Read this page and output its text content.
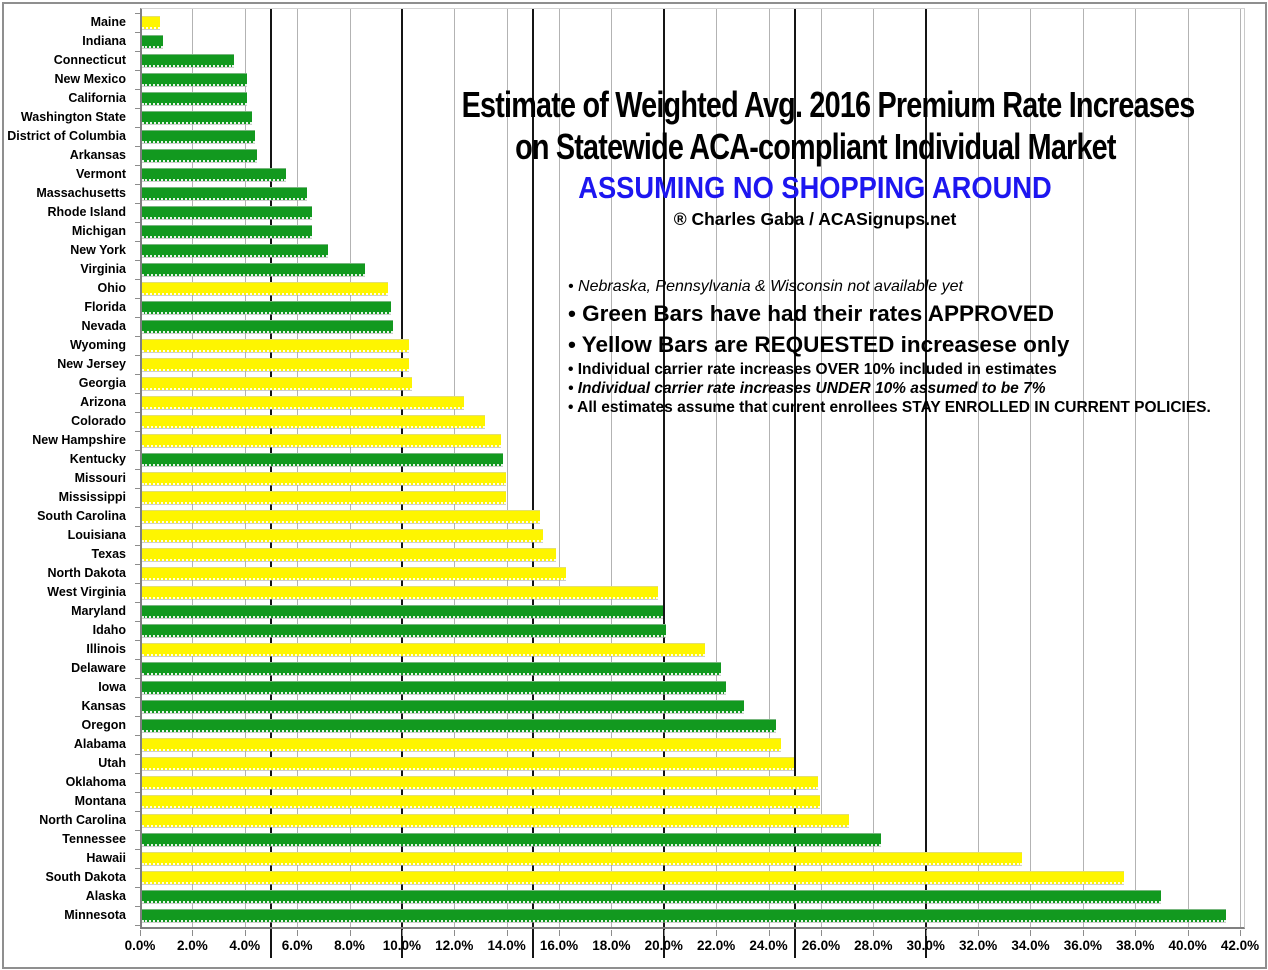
Maine
Indiana
Connecticut
New Mexico
California
Washington State
District of Columbia
Arkansas
Vermont
Massachusetts
Rhode Island
Michigan
New York
Virginia
Ohio
Florida
Nevada
Wyoming
New Jersey
Georgia
Arizona
Colorado
New Hampshire
Kentucky
Missouri
Mississippi
South Carolina
Louisiana
Texas
North Dakota
West Virginia
Maryland
Idaho
Illinois
Delaware
Iowa
Kansas
Oregon
Alabama
Utah
Oklahoma
Montana
North Carolina
Tennessee
Hawaii
South Dakota
Alaska
Minnesota
0.0%	2.0%	4.0%	6.0%	8.0%	10.0%	12.0%	14.0%	16.0%	18.0%	20.0%	22.0%	24.0%	26.0%	28.0%	30.0%	32.0%	34.0%	36.0%	38.0%	40.0%	42.0%
Estimate of Weighted Avg. 2016 Premium Rate Increases
on Statewide ACA-compliant Individual Market
ASSUMING NO SHOPPING AROUND
® Charles Gaba / ACASignups.net
• Nebraska, Pennsylvania & Wisconsin not available yet
• Green Bars have had their rates APPROVED
• Yellow Bars are REQUESTED increasese only
• Individual carrier rate increases OVER 10% included in estimates
• Individual carrier rate increases UNDER 10% assumed to be 7%
• All estimates assume that current enrollees STAY ENROLLED IN CURRENT POLICIES.
